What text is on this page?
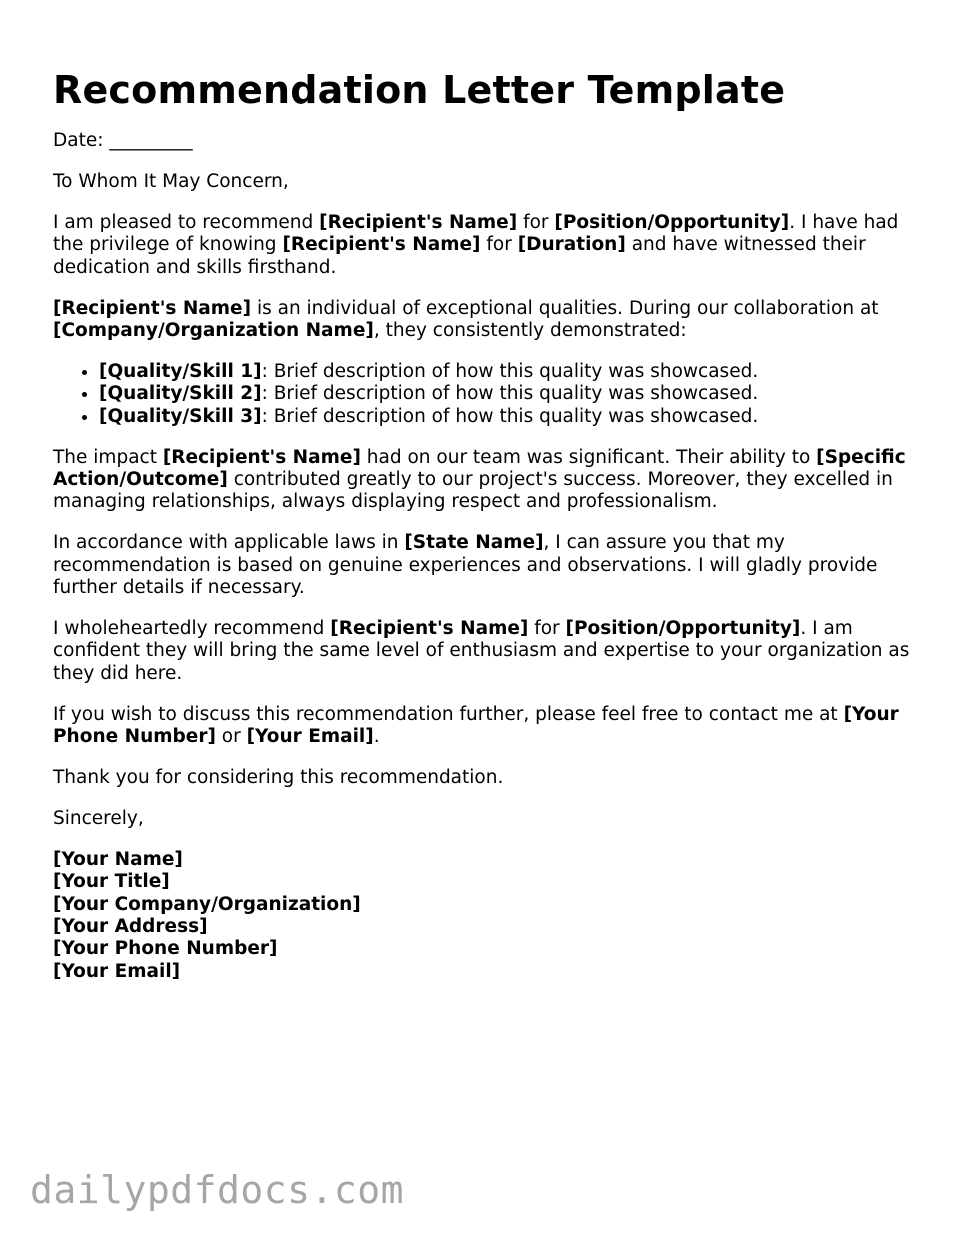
Recommendation Letter Template

Date: _________

To Whom It May Concern,

I am pleased to recommend [Recipient's Name] for [Position/Opportunity]. I have had the privilege of knowing [Recipient's Name] for [Duration] and have witnessed their dedication and skills firsthand.

[Recipient's Name] is an individual of exceptional qualities. During our collaboration at [Company/Organization Name], they consistently demonstrated:

• [Quality/Skill 1]: Brief description of how this quality was showcased.
• [Quality/Skill 2]: Brief description of how this quality was showcased.
• [Quality/Skill 3]: Brief description of how this quality was showcased.

The impact [Recipient's Name] had on our team was significant. Their ability to [Specific Action/Outcome] contributed greatly to our project's success. Moreover, they excelled in managing relationships, always displaying respect and professionalism.

In accordance with applicable laws in [State Name], I can assure you that my recommendation is based on genuine experiences and observations. I will gladly provide further details if necessary.

I wholeheartedly recommend [Recipient's Name] for [Position/Opportunity]. I am confident they will bring the same level of enthusiasm and expertise to your organization as they did here.

If you wish to discuss this recommendation further, please feel free to contact me at [Your Phone Number] or [Your Email].

Thank you for considering this recommendation.

Sincerely,

[Your Name]
[Your Title]
[Your Company/Organization]
[Your Address]
[Your Phone Number]
[Your Email]
dailypdfdocs.com
